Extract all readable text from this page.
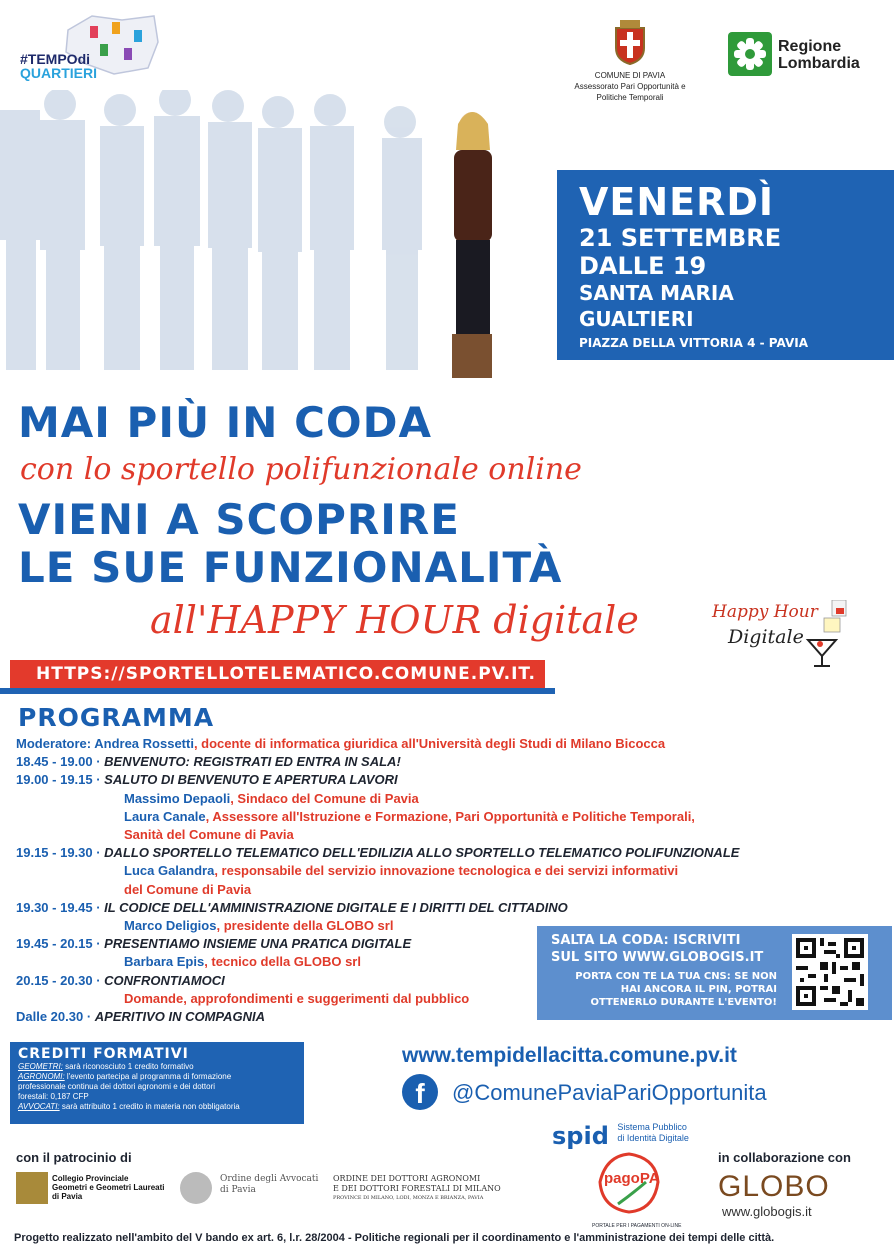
#TEMPOdi
QUARTIERI	COMUNE DI PAVIA
Assessorato Pari Opportunità e
Politiche Temporali
Regione
Lombardia
VENERDÌ
21 SETTEMBRE
DALLE 19
SANTA MARIA
GUALTIERI
PIAZZA DELLA VITTORIA 4 - PAVIA
MAI PIÙ IN CODA
con lo sportello polifunzionale online
VIENI A SCOPRIRE
LE SUE FUNZIONALITÀ
all'HAPPY HOUR digitale	Happy Hour
Digitale
HTTPS://SPORTELLOTELEMATICO.COMUNE.PV.IT.
PROGRAMMA
Moderatore: Andrea Rossetti, docente di informatica giuridica all'Università degli Studi di Milano Bicocca
18.45 - 19.00 · BENVENUTO: REGISTRATI ED ENTRA IN SALA!
19.00 - 19.15 · SALUTO DI BENVENUTO E APERTURA LAVORI
Massimo Depaoli, Sindaco del Comune di Pavia
Laura Canale, Assessore all'Istruzione e Formazione, Pari Opportunità e Politiche Temporali,
Sanità del Comune di Pavia
19.15 - 19.30 · DALLO SPORTELLO TELEMATICO DELL'EDILIZIA ALLO SPORTELLO TELEMATICO POLIFUNZIONALE
Luca Galandra, responsabile del servizio innovazione tecnologica e dei servizi informativi
del Comune di Pavia
19.30 - 19.45 · IL CODICE DELL'AMMINISTRAZIONE DIGITALE E I DIRITTI DEL CITTADINO
Marco Deligios, presidente della GLOBO srl
19.45 - 20.15 · PRESENTIAMO INSIEME UNA PRATICA DIGITALE
Barbara Epis, tecnico della GLOBO srl
20.15 - 20.30 · CONFRONTIAMOCI
Domande, approfondimenti e suggerimenti dal pubblico
Dalle 20.30 · APERITIVO IN COMPAGNIA
SALTA LA CODA: ISCRIVITI
SUL SITO WWW.GLOBOGIS.IT
PORTA CON TE LA TUA CNS: SE NON
HAI ANCORA IL PIN, POTRAI
OTTENERLO DURANTE L'EVENTO!
CREDITI FORMATIVI
GEOMETRI: sarà riconosciuto 1 credito formativo
AGRONOMI: l'evento partecipa al programma di formazione
professionale continua dei dottori agronomi e dei dottori
forestali: 0,187 CFP
AVVOCATI: sarà attribuito 1 credito in materia non obbligatoria
www.tempidellacitta.comune.pv.it
f	@ComunePaviaPariOpportunita
con il patrocinio di	in collaborazione con
spid Sistema Pubblico
di Identità Digitale
pagoPA
PORTALE PER I PAGAMENTI ON-LINE
GLOBO
www.globogis.it
Collegio Provinciale
Geometri e Geometri Laureati
di Pavia
Ordine degli Avvocati
di Pavia
ORDINE DEI DOTTORI AGRONOMI
E DEI DOTTORI FORESTALI DI MILANO
PROVINCE DI MILANO, LODI, MONZA E BRIANZA, PAVIA
Progetto realizzato nell'ambito del V bando ex art. 6, l.r. 28/2004 - Politiche regionali per il coordinamento e l'amministrazione dei tempi delle città.
